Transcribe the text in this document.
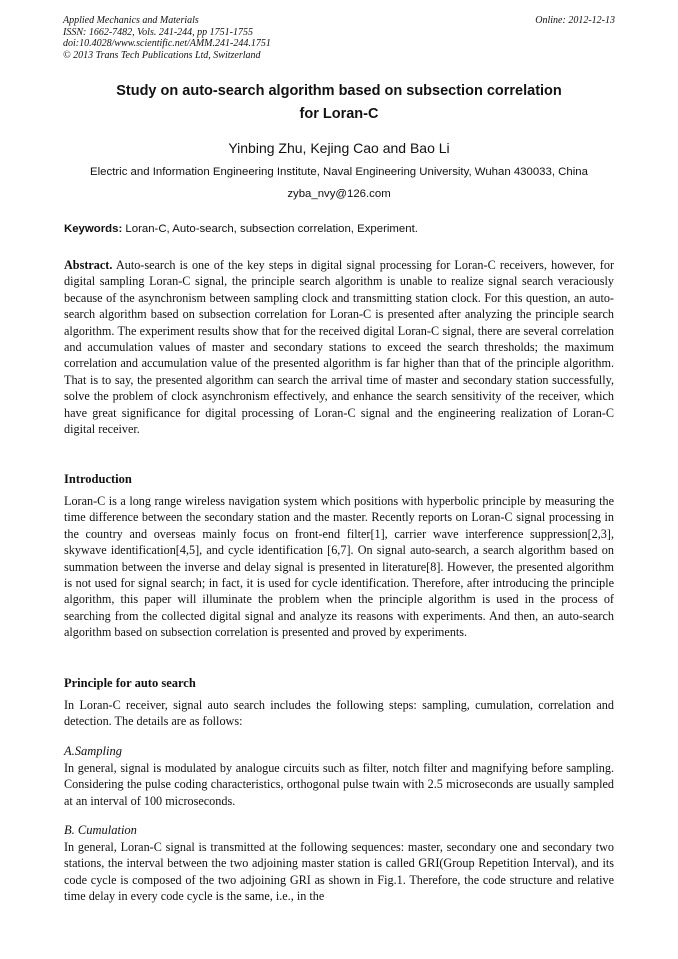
Applied Mechanics and Materials
ISSN: 1662-7482, Vols. 241-244, pp 1751-1755
doi:10.4028/www.scientific.net/AMM.241-244.1751
© 2013 Trans Tech Publications Ltd, Switzerland
Online: 2012-12-13
Study on auto-search algorithm based on subsection correlation
for Loran-C
Yinbing Zhu, Kejing Cao and Bao Li
Electric and Information Engineering Institute, Naval Engineering University, Wuhan 430033, China
zyba_nvy@126.com
Keywords: Loran-C, Auto-search, subsection correlation, Experiment.
Abstract. Auto-search is one of the key steps in digital signal processing for Loran-C receivers, however, for digital sampling Loran-C signal, the principle search algorithm is unable to realize signal search veraciously because of the asynchronism between sampling clock and transmitting station clock. For this question, an auto-search algorithm based on subsection correlation for Loran-C is presented after analyzing the principle search algorithm. The experiment results show that for the received digital Loran-C signal, there are several correlation and accumulation values of master and secondary stations to exceed the search thresholds; the maximum correlation and accumulation value of the presented algorithm is far higher than that of the principle algorithm. That is to say, the presented algorithm can search the arrival time of master and secondary station successfully, solve the problem of clock asynchronism effectively, and enhance the search sensitivity of the receiver, which have great significance for digital processing of Loran-C signal and the engineering realization of Loran-C digital receiver.
Introduction
Loran-C is a long range wireless navigation system which positions with hyperbolic principle by measuring the time difference between the secondary station and the master. Recently reports on Loran-C signal processing in the country and overseas mainly focus on front-end filter[1], carrier wave interference suppression[2,3], skywave identification[4,5], and cycle identification [6,7]. On signal auto-search, a search algorithm based on summation between the inverse and delay signal is presented in literature[8]. However, the presented algorithm is not used for signal search; in fact, it is used for cycle identification. Therefore, after introducing the principle algorithm, this paper will illuminate the problem when the principle algorithm is used in the process of searching from the collected digital signal and analyze its reasons with experiments. And then, an auto-search algorithm based on subsection correlation is presented and proved by experiments.
Principle for auto search
In Loran-C receiver, signal auto search includes the following steps: sampling, cumulation, correlation and detection. The details are as follows:
A.Sampling
In general, signal is modulated by analogue circuits such as filter, notch filter and magnifying before sampling. Considering the pulse coding characteristics, orthogonal pulse twain with 2.5 microseconds are usually sampled at an interval of 100 microseconds.
B. Cumulation
In general, Loran-C signal is transmitted at the following sequences: master, secondary one and secondary two stations, the interval between the two adjoining master station is called GRI(Group Repetition Interval), and its code cycle is composed of the two adjoining GRI as shown in Fig.1. Therefore, the code structure and relative time delay in every code cycle is the same, i.e., in the
